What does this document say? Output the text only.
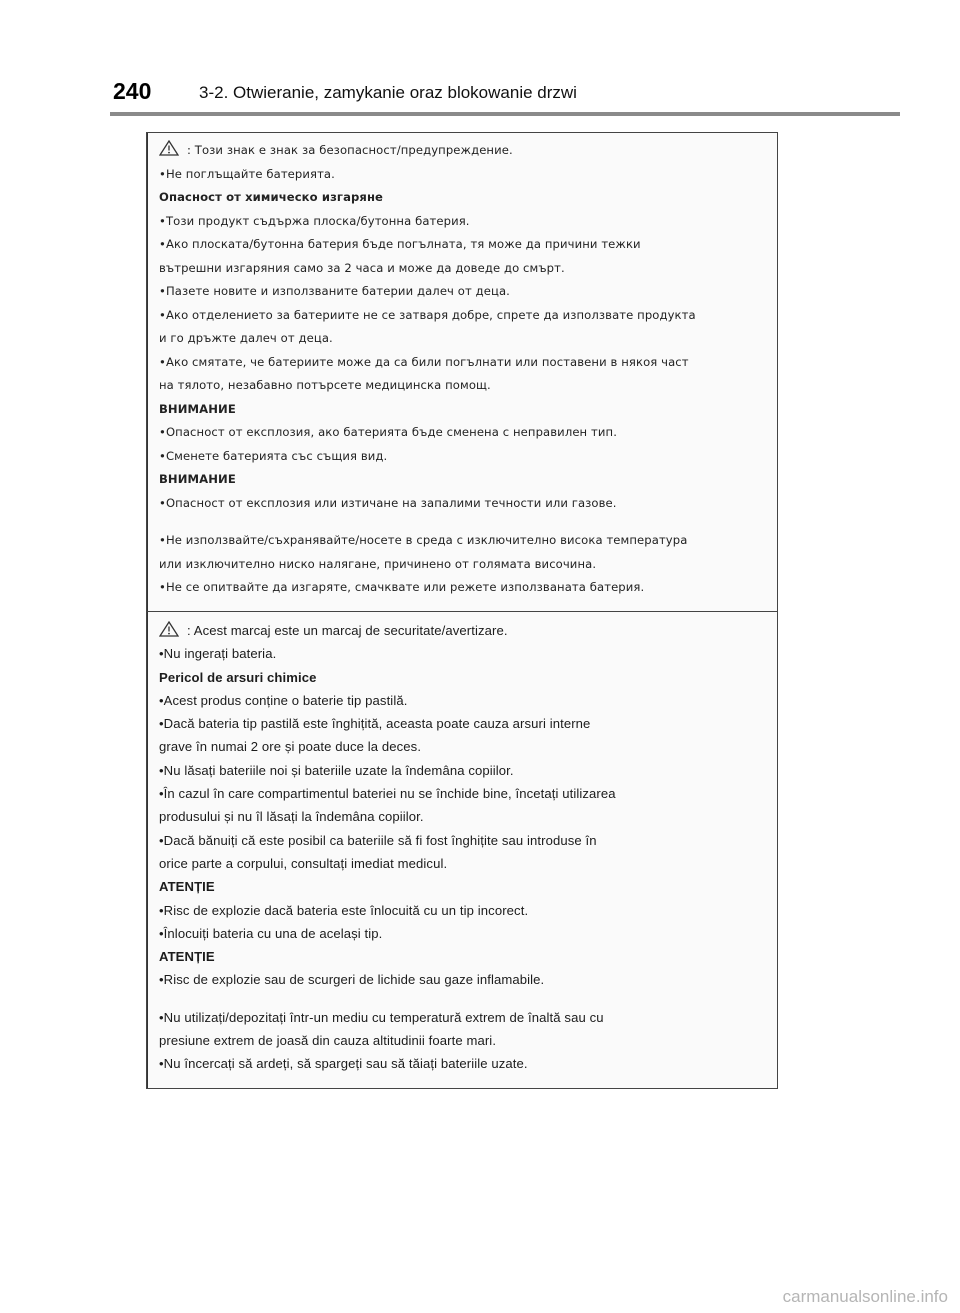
240	3-2. Otwieranie, zamykanie oraz blokowanie drzwi
: Този знак е знак за безопасност/предупреждение.
•Не поглъщайте батерията.
Опасност от химическо изгаряне
•Този продукт съдържа плоска/бутонна батерия.
•Ако плоската/бутонна батерия бъде погълната, тя може да причини тежки
вътрешни изгаряния само за 2 часа и може да доведе до смърт.
•Пазете новите и използваните батерии далеч от деца.
•Ако отделението за батериите не се затваря добре, спрете да използвате продукта
и го дръжте далеч от деца.
•Ако смятате, че батериите може да са били погълнати или поставени в някоя част
на тялото, незабавно потърсете медицинска помощ.
ВНИМАНИЕ
•Опасност от експлозия, ако батерията бъде сменена с неправилен тип.
•Сменете батерията със същия вид.
ВНИМАНИЕ
•Опасност от експлозия или изтичане на запалими течности или газове.
•Не използвайте/съхранявайте/носете в среда с изключително висока температура
или изключително ниско налягане, причинено от голямата височина.
•Не се опитвайте да изгаряте, смачквате или режете използваната батерия.
: Acest marcaj este un marcaj de securitate/avertizare.
•Nu ingerați bateria.
Pericol de arsuri chimice
•Acest produs conține o baterie tip pastilă.
•Dacă bateria tip pastilă este înghițită, aceasta poate cauza arsuri interne
grave în numai 2 ore și poate duce la deces.
•Nu lăsați bateriile noi și bateriile uzate la îndemâna copiilor.
•În cazul în care compartimentul bateriei nu se închide bine, încetați utilizarea
produsului și nu îl lăsați la îndemâna copiilor.
•Dacă bănuiți că este posibil ca bateriile să fi fost înghițite sau introduse în
orice parte a corpului, consultați imediat medicul.
ATENȚIE
•Risc de explozie dacă bateria este înlocuită cu un tip incorect.
•Înlocuiți bateria cu una de același tip.
ATENȚIE
•Risc de explozie sau de scurgeri de lichide sau gaze inflamabile.
•Nu utilizați/depozitați într-un mediu cu temperatură extrem de înaltă sau cu
presiune extrem de joasă din cauza altitudinii foarte mari.
•Nu încercați să ardeți, să spargeți sau să tăiați bateriile uzate.
carmanualsonline.info
